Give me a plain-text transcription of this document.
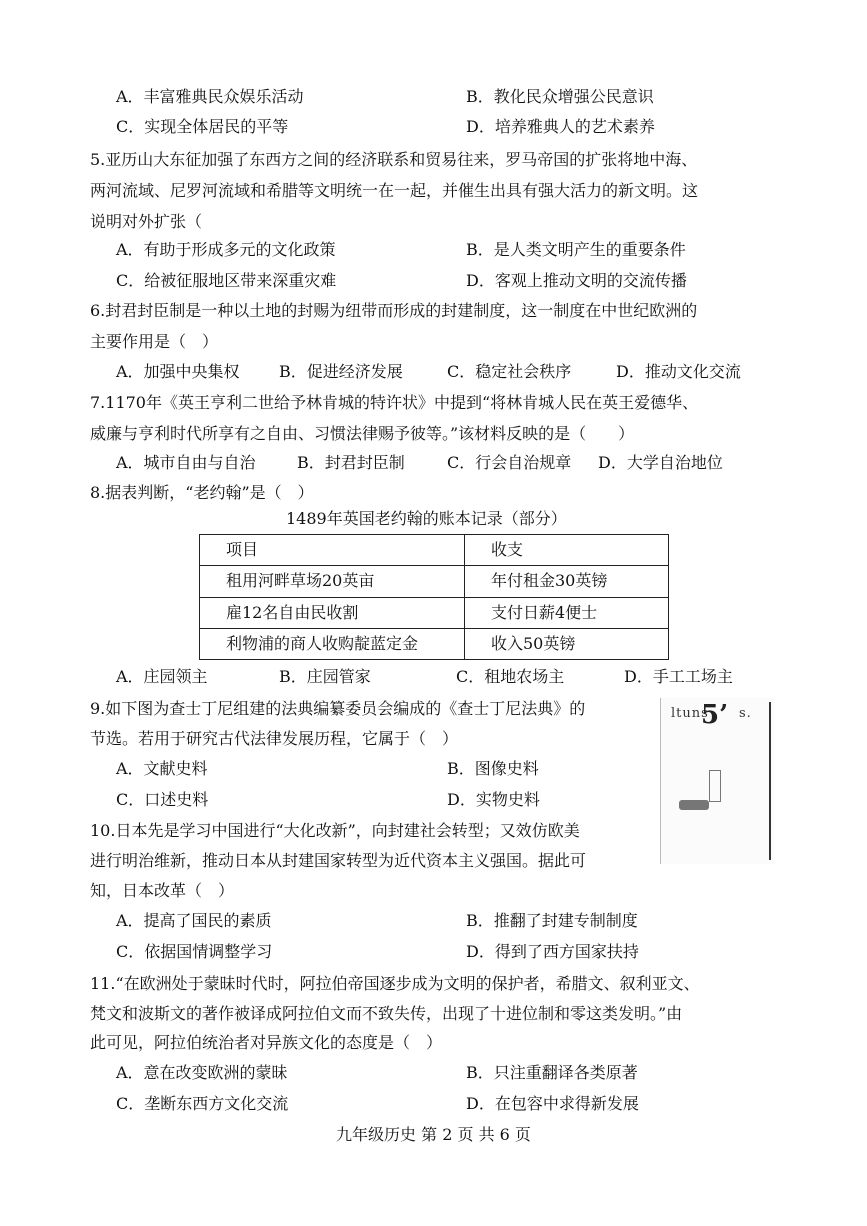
A．丰富雅典民众娱乐活动	B．教化民众增强公民意识
C．实现全体居民的平等	D．培养雅典人的艺术素养
5.亚历山大东征加强了东西方之间的经济联系和贸易往来，罗马帝国的扩张将地中海、
两河流域、尼罗河流域和希腊等文明统一在一起，并催生出具有强大活力的新文明。这
说明对外扩张（
A．有助于形成多元的文化政策	B．是人类文明产生的重要条件
C．给被征服地区带来深重灾难	D．客观上推动文明的交流传播
6.封君封臣制是一种以土地的封赐为纽带而形成的封建制度，这一制度在中世纪欧洲的
主要作用是（　）
A．加强中央集权 B．促进经济发展	C．稳定社会秩序	D．推动文化交流
7.1170年《英王亨利二世给予林肯城的特许状》中提到“将林肯城人民在英王爱德华、
威廉与亨利时代所享有之自由、习惯法律赐予彼等。”该材料反映的是（　　）
A．城市自由与自治	B．封君封臣制	C．行会自治规章 D．大学自治地位
8.据表判断，“老约翰”是（　）
1489年英国老约翰的账本记录（部分）
项目	收支
租用河畔草场20英亩	年付租金30英镑
雇12名自由民收割	支付日薪4便士
利物浦的商人收购靛蓝定金	收入50英镑
A．庄园领主	B．庄园管家	C．租地农场主	D．手工工场主
9.如下图为查士丁尼组建的法典编纂委员会编成的《查士丁尼法典》的
节选。若用于研究古代法律发展历程，它属于（　）
A．文献史料	B．图像史料
C．口述史料	D．实物史料
ltuns
5’ s.
10.日本先是学习中国进行“大化改新”，向封建社会转型；又效仿欧美
进行明治维新，推动日本从封建国家转型为近代资本主义强国。据此可
知，日本改革（　）
A．提高了国民的素质	B．推翻了封建专制制度
C．依据国情调整学习	D．得到了西方国家扶持
11.“在欧洲处于蒙昧时代时，阿拉伯帝国逐步成为文明的保护者，希腊文、叙利亚文、
梵文和波斯文的著作被译成阿拉伯文而不致失传，出现了十进位制和零这类发明。”由
此可见，阿拉伯统治者对异族文化的态度是（　）
A．意在改变欧洲的蒙昧	B．只注重翻译各类原著
C．垄断东西方文化交流	D．在包容中求得新发展
九年级历史 第 2 页 共 6 页
